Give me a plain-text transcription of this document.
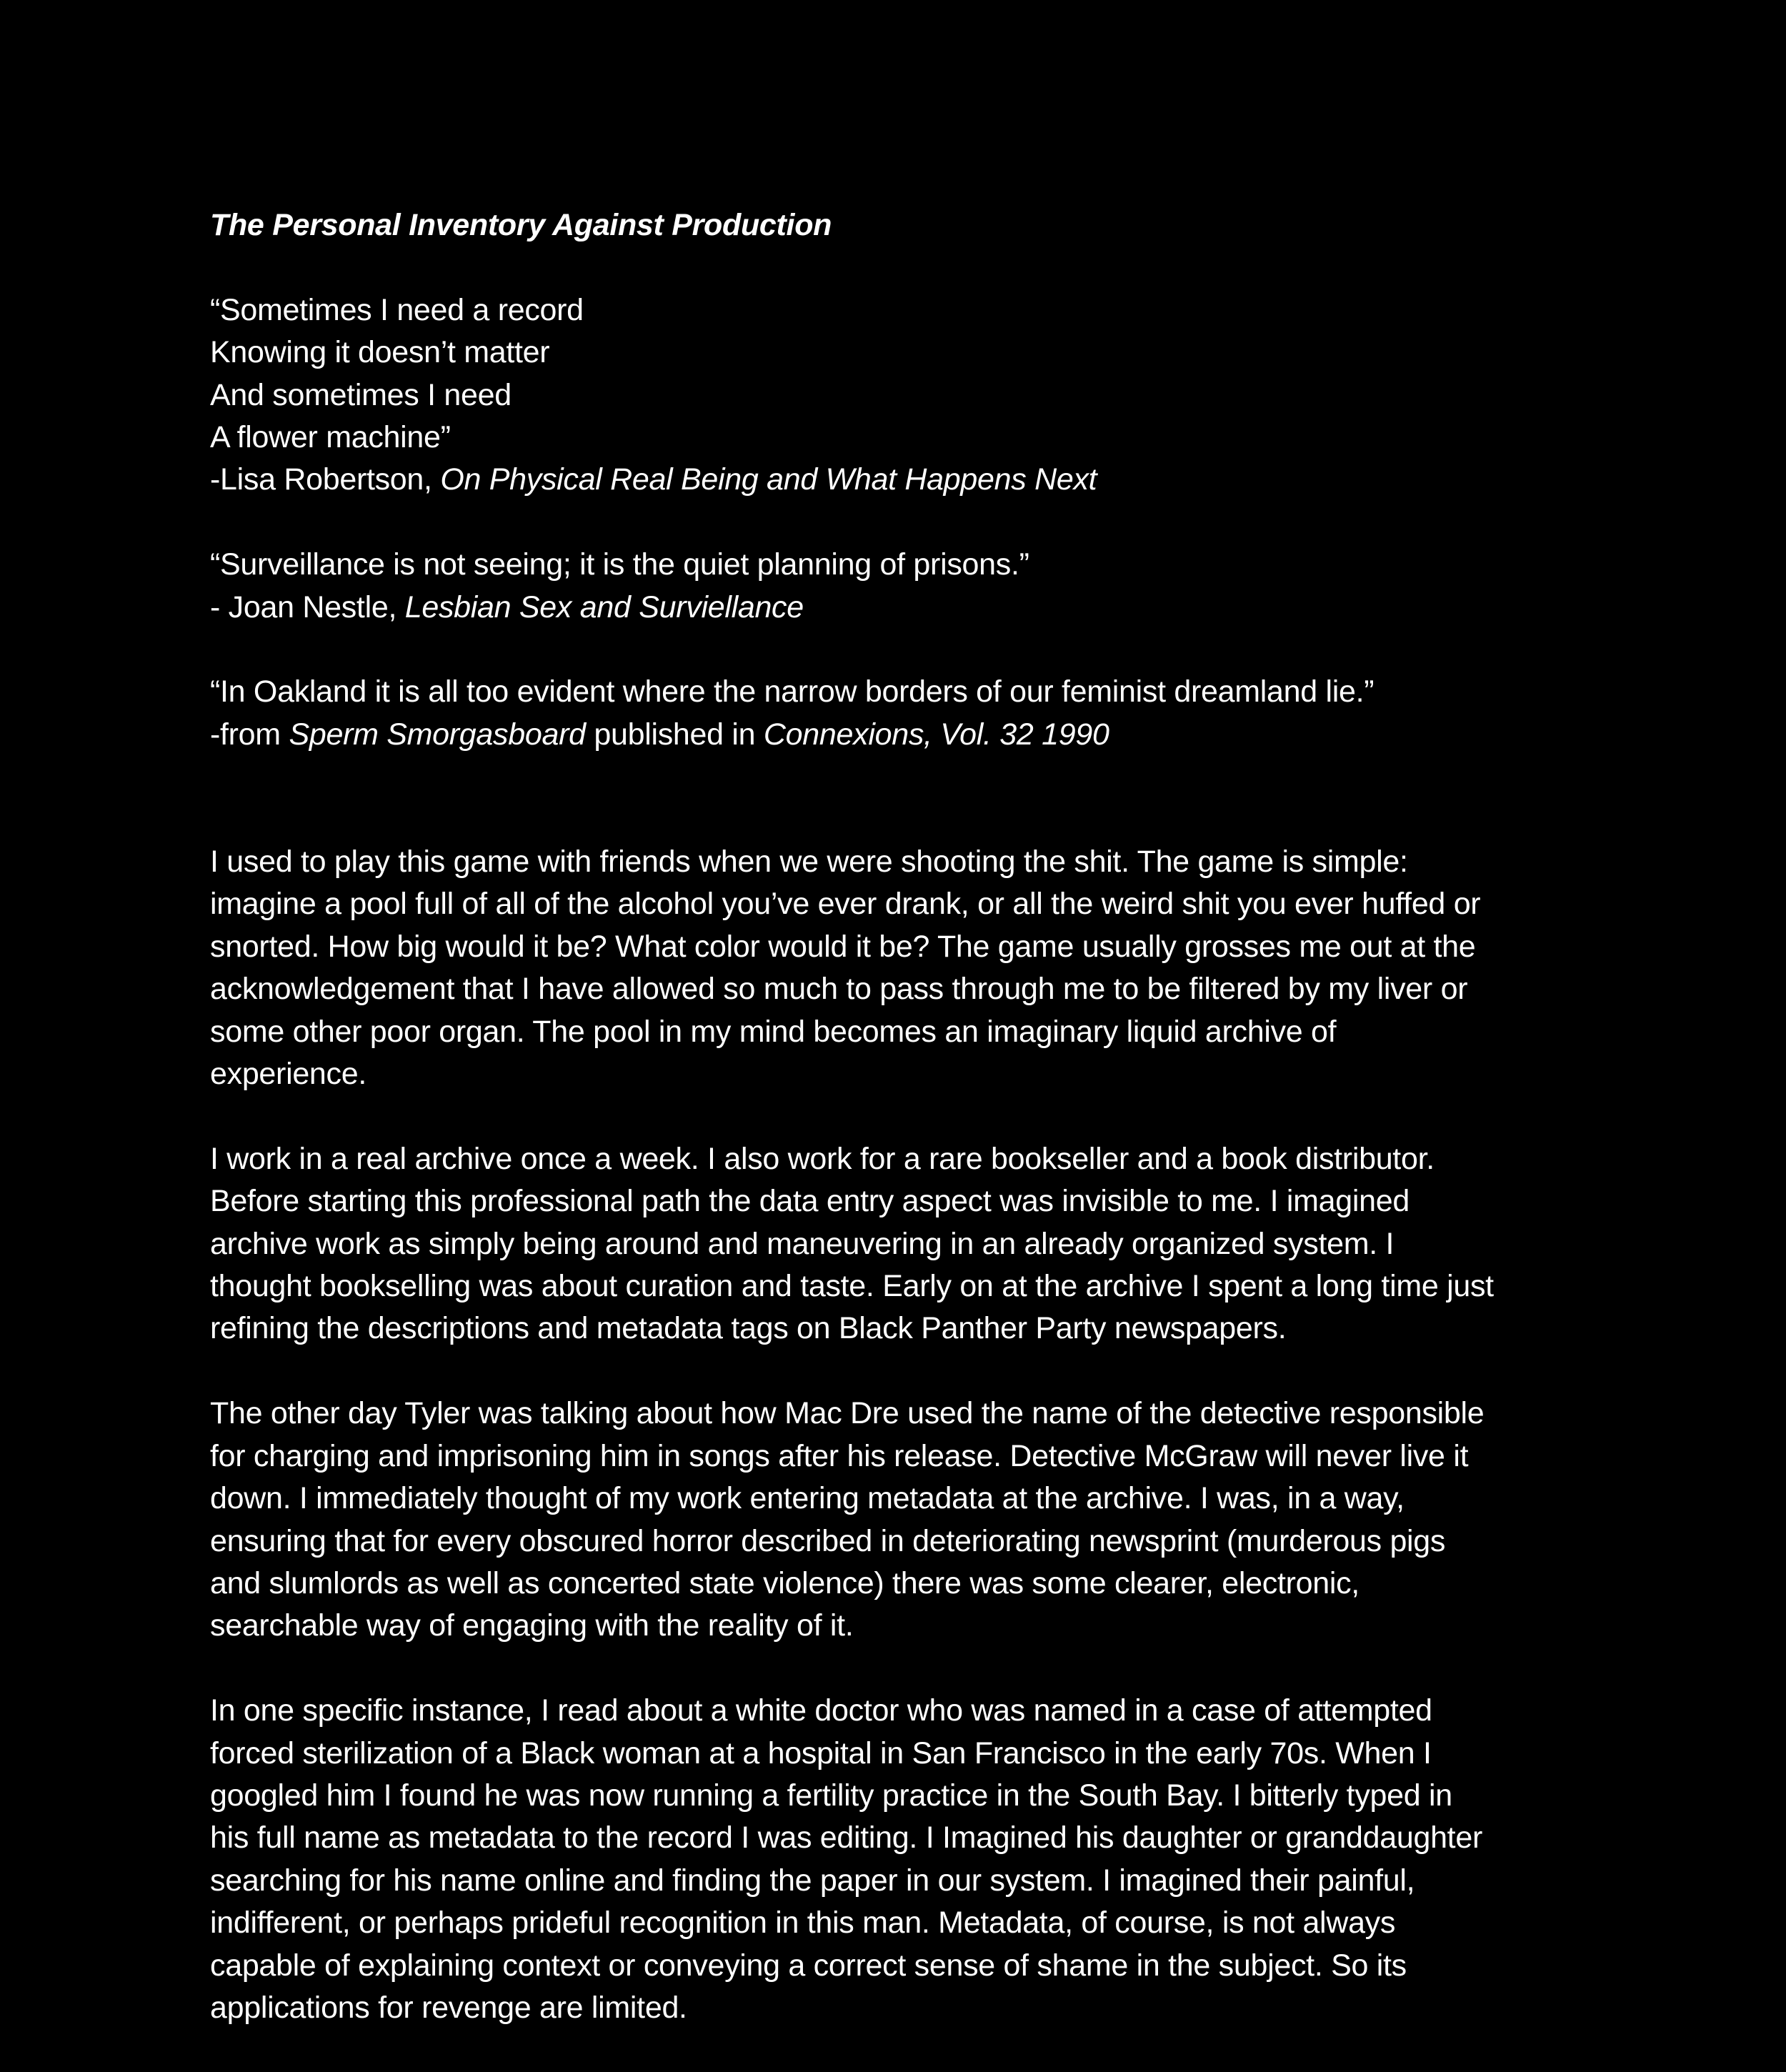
The Personal Inventory Against Production
“Sometimes I need a record
Knowing it doesn’t matter
And sometimes I need
A flower machine”
-Lisa Robertson, On Physical Real Being and What Happens Next
“Surveillance is not seeing; it is the quiet planning of prisons.”
- Joan Nestle, Lesbian Sex and Surviellance
“In Oakland it is all too evident where the narrow borders of our feminist dreamland lie.”
-from Sperm Smorgasboard published in Connexions, Vol. 32 1990
I used to play this game with friends when we were shooting the shit. The game is simple:
imagine a pool full of all of the alcohol you’ve ever drank, or all the weird shit you ever huffed or
snorted. How big would it be? What color would it be? The game usually grosses me out at the
acknowledgement that I have allowed so much to pass through me to be filtered by my liver or
some other poor organ. The pool in my mind becomes an imaginary liquid archive of
experience.
I work in a real archive once a week. I also work for a rare bookseller and a book distributor.
Before starting this professional path the data entry aspect was invisible to me. I imagined
archive work as simply being around and maneuvering in an already organized system. I
thought bookselling was about curation and taste. Early on at the archive I spent a long time just
refining the descriptions and metadata tags on Black Panther Party newspapers.
The other day Tyler was talking about how Mac Dre used the name of the detective responsible
for charging and imprisoning him in songs after his release. Detective McGraw will never live it
down. I immediately thought of my work entering metadata at the archive. I was, in a way,
ensuring that for every obscured horror described in deteriorating newsprint (murderous pigs
and slumlords as well as concerted state violence) there was some clearer, electronic,
searchable way of engaging with the reality of it.
In one specific instance, I read about a white doctor who was named in a case of attempted
forced sterilization of a Black woman at a hospital in San Francisco in the early 70s. When I
googled him I found he was now running a fertility practice in the South Bay. I bitterly typed in
his full name as metadata to the record I was editing. I Imagined his daughter or granddaughter
searching for his name online and finding the paper in our system. I imagined their painful,
indifferent, or perhaps prideful recognition in this man. Metadata, of course, is not always
capable of explaining context or conveying a correct sense of shame in the subject. So its
applications for revenge are limited.
